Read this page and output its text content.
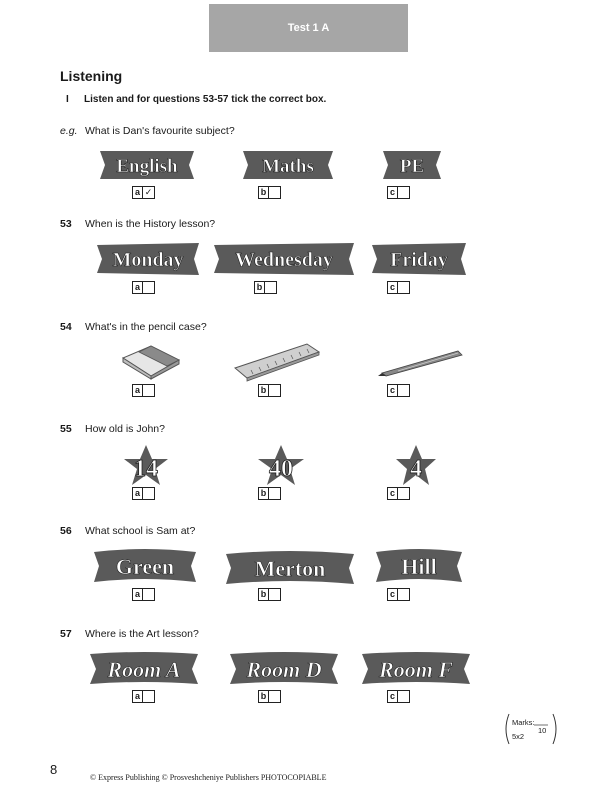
Test 1 A
Listening
I Listen and for questions 53-57 tick the correct box.
e.g. What is Dan's favourite subject?
English
a ✓
Maths
b
PE
c
53 When is the History lesson?
Monday
a
Wednesday
b
Friday
c
54 What's in the pencil case?
a	b	c
55 How old is John?
14
a
40
b
4
c
56 What school is Sam at?
Green
a
Merton
b
Hill
c
57 Where is the Art lesson?
Room A
a
Room D
b
Room F
c
Marks:
5x2
10
8
© Express Publishing © Prosveshcheniye Publishers PHOTOCOPIABLE
